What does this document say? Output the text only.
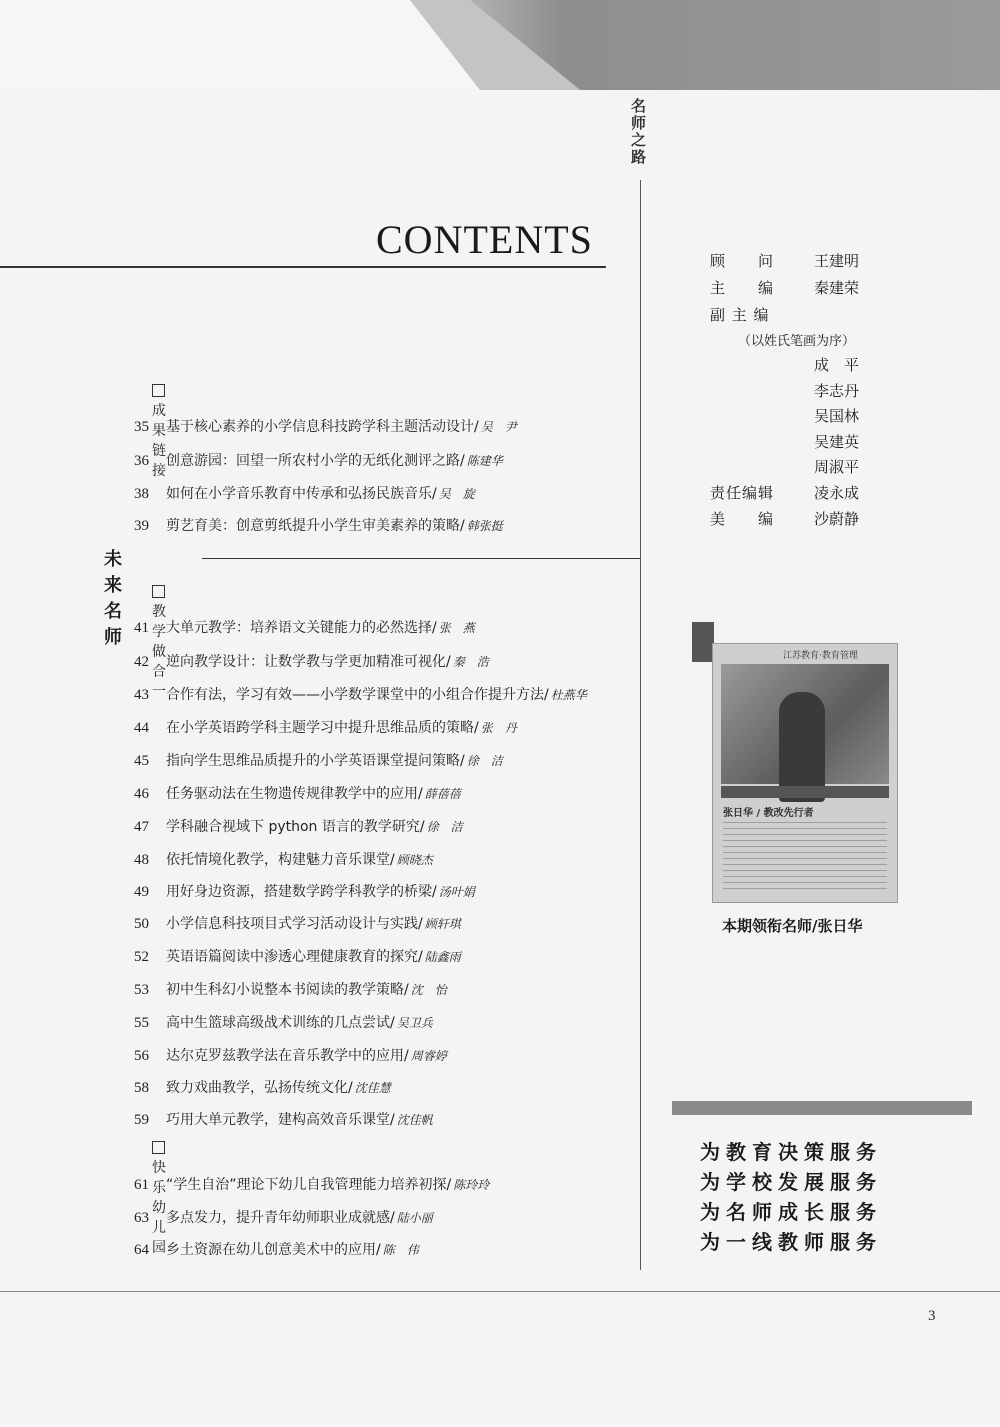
名师之路
CONTENTS
成果链接
35 基于核心素养的小学信息科技跨学科主题活动设计/ 吴　尹
36 创意游园：回望一所农村小学的无纸化测评之路/ 陈建华
38 如何在小学音乐教育中传承和弘扬民族音乐/ 吴　旋
39 剪艺育美：创意剪纸提升小学生审美素养的策略/ 韩张挺
未来名师
教学做合一
41 大单元教学：培养语文关键能力的必然选择/ 张　燕
42 逆向教学设计：让数学教与学更加精准可视化/ 秦　浩
43 合作有法，学习有效——小学数学课堂中的小组合作提升方法/ 杜燕华
44 在小学英语跨学科主题学习中提升思维品质的策略/ 张　丹
45 指向学生思维品质提升的小学英语课堂提问策略/ 徐　洁
46 任务驱动法在生物遗传规律教学中的应用/ 薛蓓蓓
47 学科融合视域下 python 语言的教学研究/ 徐　洁
48 依托情境化教学，构建魅力音乐课堂/ 顾晓杰
49 用好身边资源，搭建数学跨学科教学的桥梁/ 汤叶娟
50 小学信息科技项目式学习活动设计与实践/ 顾轩琪
52 英语语篇阅读中渗透心理健康教育的探究/ 陆鑫雨
53 初中生科幻小说整本书阅读的教学策略/ 沈　怡
55 高中生篮球高级战术训练的几点尝试/ 吴卫兵
56 达尔克罗兹教学法在音乐教学中的应用/ 周睿婷
58 致力戏曲教学，弘扬传统文化/ 沈佳慧
59 巧用大单元教学，建构高效音乐课堂/ 沈佳帆
快乐幼儿园
61 “学生自治”理论下幼儿自我管理能力培养初探/ 陈玲玲
63 多点发力，提升青年幼师职业成就感/ 陆小丽
64 乡土资源在幼儿创意美术中的应用/ 陈　伟
顾　　问	王建明
主　　编	秦建荣
副 主 编
（以姓氏笔画为序）
成　平
李志丹
吴国林
吴建英
周淑平
责任编辑	凌永成
美　　编	沙蔚静
江苏教育·教育管理
张日华 / 教改先行者
本期领衔名师/张日华
为教育决策服务
为学校发展服务
为名师成长服务
为一线教师服务
3
